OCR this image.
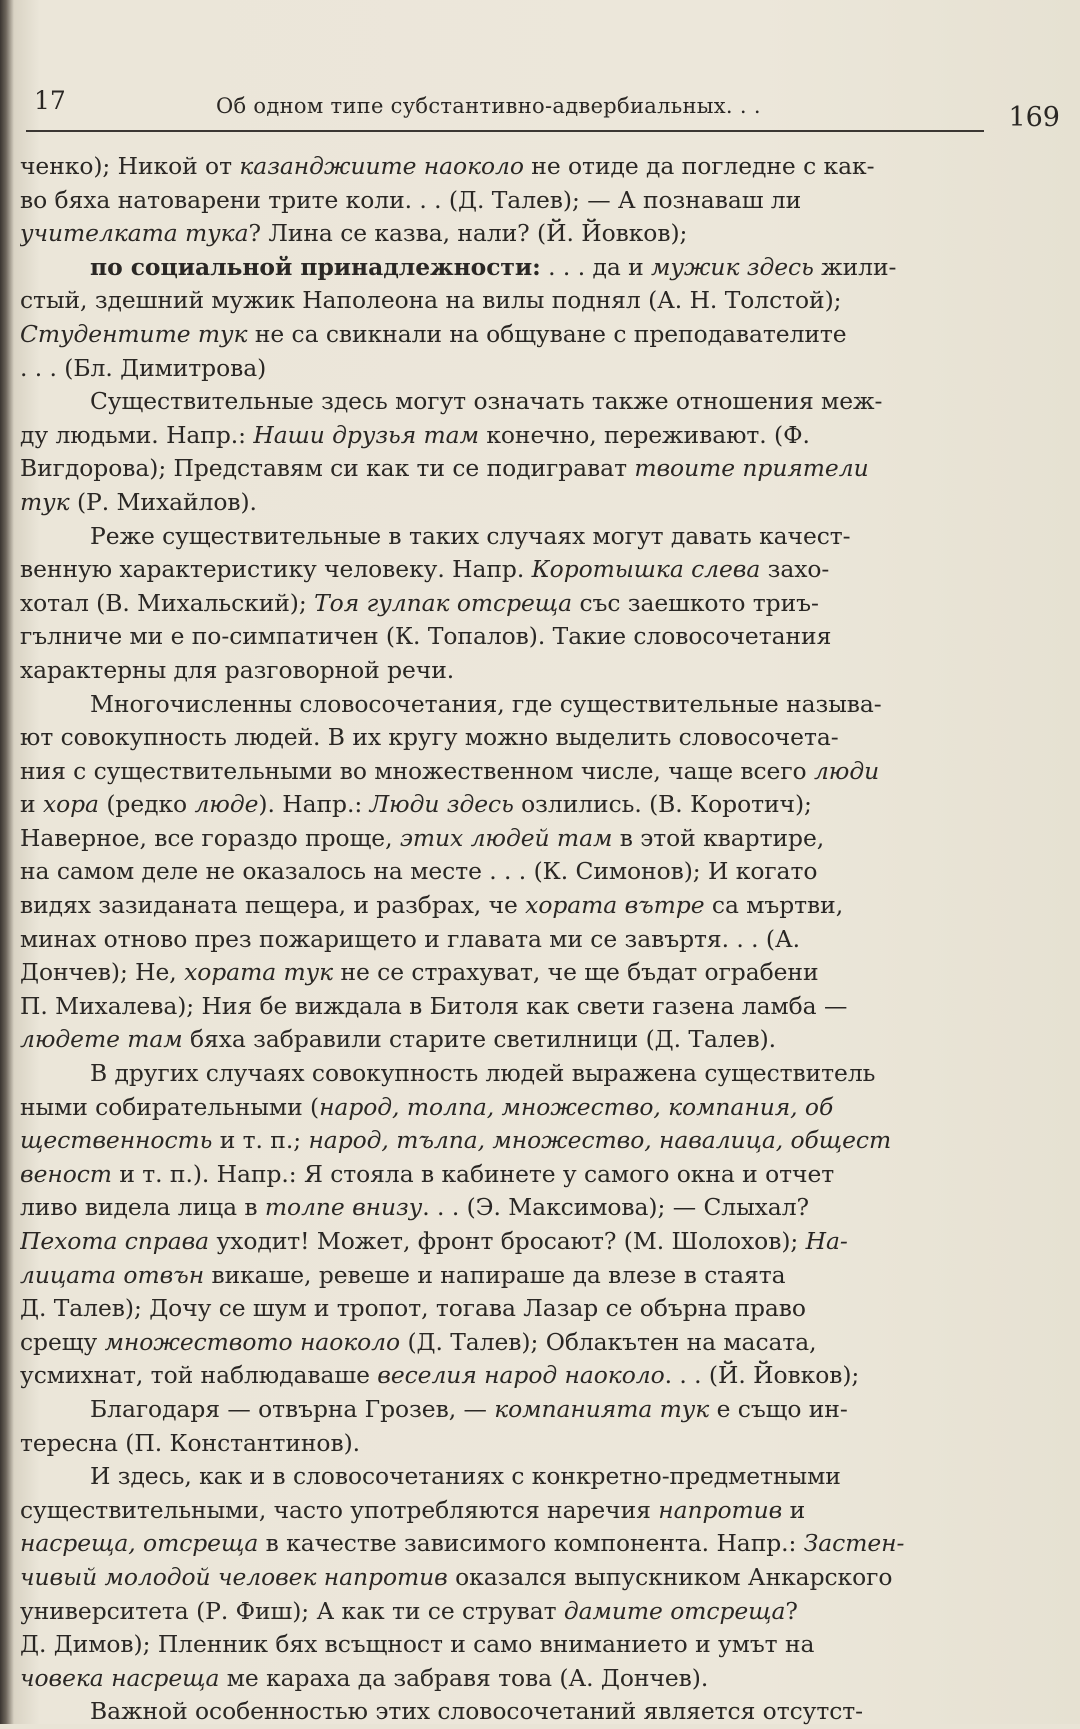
17	Об одном типе субстантивно-адвербиальных. . .	169

ченко); Никой от казанджиите наоколо не отиде да погледне с как-

во бяха натоварени трите коли. . . (Д. Талев); — А познаваш ли

учителката тука? Лина се казва, нали? (Й. Йовков);

по социальной принадлежности: . . . да и мужик здесь жили-

стый, здешний мужик Наполеона на вилы поднял (А. Н. Толстой);

Студентите тук не са свикнали на общуване с преподавателите

. . . (Бл. Димитрова)

Существительные здесь могут означать также отношения меж-

ду людьми. Напр.: Наши друзья там конечно, переживают. (Ф.

Вигдорова); Представям си как ти се подиграват твоите приятели

тук (Р. Михайлов).

Реже существительные в таких случаях могут давать качест-

венную характеристику человеку. Напр. Коротышка слева захо-

хотал (В. Михальский); Тоя гулпак отсреща със заешкото триъ-

гълниче ми е по-симпатичен (К. Топалов). Такие словосочетания

характерны для разговорной речи.

Многочисленны словосочетания, где существительные называ-

ют совокупность людей. В их кругу можно выделить словосочета-

ния с существительными во множественном числе, чаще всего люди

и хора (редко люде). Напр.: Люди здесь озлились. (В. Коротич);

Наверное, все гораздо проще, этих людей там в этой квартире,

на самом деле не оказалось на месте . . . (К. Симонов); И когато

видях зазиданата пещера, и разбрах, че хората вътре са мъртви,

минах отново през пожарището и главата ми се завъртя. . . (А.

Дончев); Не, хората тук не се страхуват, че ще бъдат ограбени

П. Михалева); Ния бе виждала в Битоля как свети газена ламба —

людете там бяха забравили старите светилници (Д. Талев).

В других случаях совокупность людей выражена существитель

ными собирательными (народ, толпа, множество, компания, об

щественность и т. п.; народ, тълпа, множество, навалица, общест

веност и т. п.). Напр.: Я стояла в кабинете у самого окна и отчет

ливо видела лица в толпе внизу. . . (Э. Максимова); — Слыхал?

Пехота справа уходит! Может, фронт бросают? (М. Шолохов); На-

лицата отвън викаше, ревеше и напираше да влезе в стаята

Д. Талев); Дочу се шум и тропот, тогава Лазар се обърна право

срещу множеството наоколо (Д. Талев); Облакътен на масата,

усмихнат, той наблюдаваше веселия народ наоколо. . . (Й. Йовков);

Благодаря — отвърна Грозев, — компанията тук е също ин-

тересна (П. Константинов).

И здесь, как и в словосочетаниях с конкретно-предметными

существительными, часто употребляются наречия напротив и

насреща, отсреща в качестве зависимого компонента. Напр.: Застен-

чивый молодой человек напротив оказался выпускником Анкарского

университета (Р. Фиш); А как ти се струват дамите отсреща?

Д. Димов); Пленник бях всъщност и само вниманието и умът на

човека насреща ме караха да забравя това (А. Дончев).

Важной особенностью этих словосочетаний является отсутст-
